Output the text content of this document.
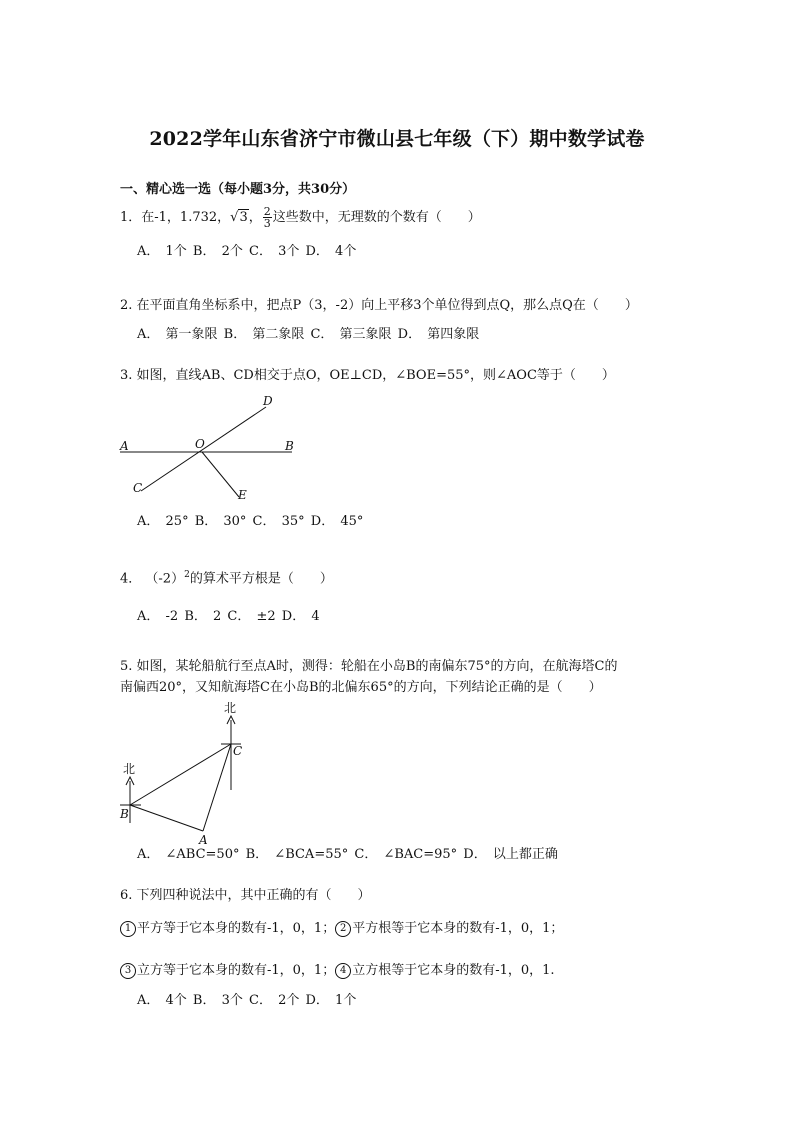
2022学年山东省济宁市微山县七年级（下）期中数学试卷
一、精心选一选（每小题3分，共30分）
1．在-1，1.732，√3， $\frac{2}{3}$ 这些数中，无理数的个数有（ ）
A． 1个 B． 2个 C． 3个 D． 4个
2. 在平面直角坐标系中，把点P（3，-2）向上平移3个单位得到点Q，那么点Q在（ ）
A． 第一象限 B． 第二象限 C． 第三象限 D． 第四象限
3. 如图，直线AB、CD相交于点O，OE⊥CD，∠BOE=55°，则∠AOC等于（ ）
A	O	B
D
C	E
A． 25° B． 30° C． 35° D． 45°
4． $(-2)^2$的算术平方根是（ ）
A． -2 B． 2 C． ±2 D． 4
5. 如图，某轮船航行至点A时，测得：轮船在小岛B的南偏东75°的方向，在航海塔C的
南偏西20°，又知航海塔C在小岛B的北偏东65°的方向，下列结论正确的是（ ）
北
北
C
B
A
A． ∠ABC=50° B． ∠BCA=55° C． ∠BAC=95° D． 以上都正确
6. 下列四种说法中，其中正确的有（ ）
1 平方等于它本身的数有-1，0，1； 2 平方根等于它本身的数有-1，0，1；
3 立方等于它本身的数有-1，0，1； 4 立方根等于它本身的数有-1，0，1.
A． 4个 B． 3个 C． 2个 D． 1个
